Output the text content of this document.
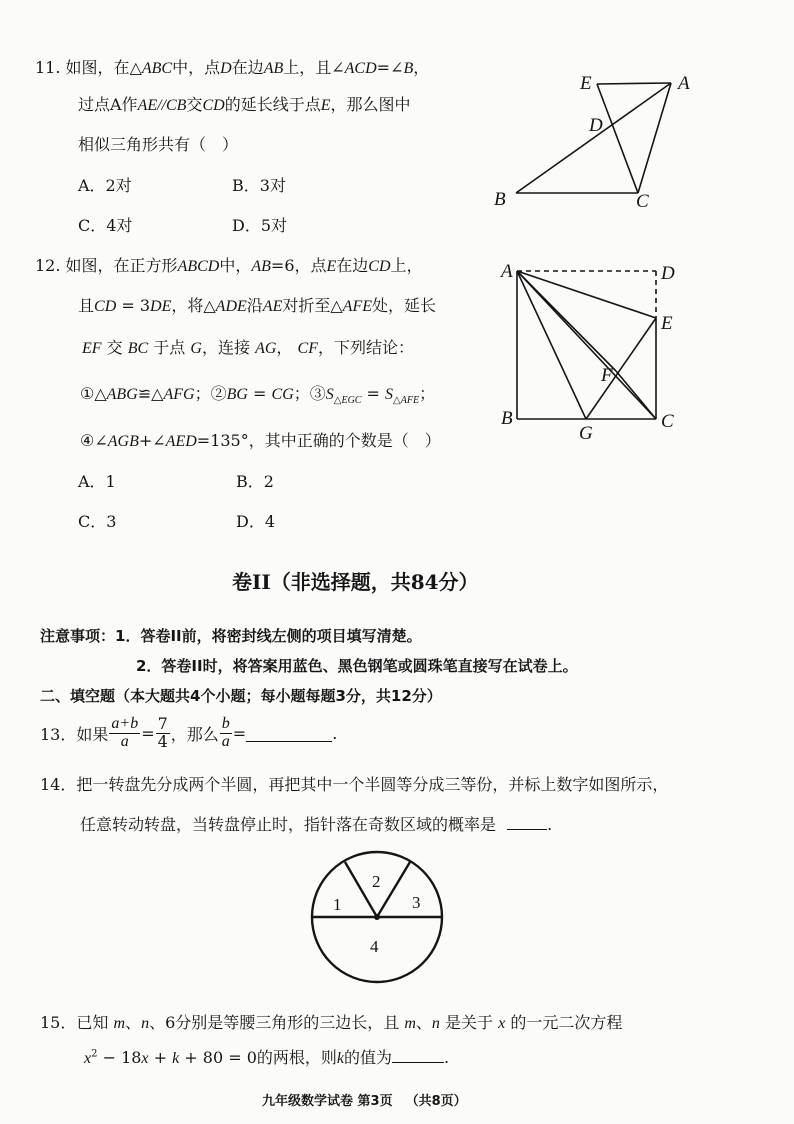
11. 如图，在△ABC中，点D在边AB上，且∠ACD=∠B，
过点A作AE//CB交CD的延长线于点E，那么图中
相似三角形共有（　）
A．2对	B．3对
C．4对	D．5对
E	A
D
B	C
12. 如图，在正方形ABCD中，AB=6，点E在边CD上，
且CD = 3DE，将△ADE沿AE对折至△AFE处，延长
EF 交 BC 于点 G，连接 AG， CF，下列结论：
①△ABG≌△AFG；②BG = CG；$③S_{\triangle EGC} = S_{\triangle AFE}$；
④∠AGB+∠AED=135°，其中正确的个数是（　）
A．1	B．2
C．3	D．4
A	D
E
F
B
G
C
卷II（非选择题，共84分）
注意事项：1．答卷II前，将密封线左侧的项目填写清楚。
2．答卷II时，将答案用蓝色、黑色钢笔或圆珠笔直接写在试卷上。
二、填空题（本大题共4个小题；每小题每题3分，共12分）
13． 如果 $\frac{a+b}{a} = \frac{7}{4}$ ，那么 $\frac{b}{a}$ =	.
14．把一转盘先分成两个半圆，再把其中一个半圆等分成三等份，并标上数字如图所示，
任意转动转盘，当转盘停止时，指针落在奇数区域的概率是	.
1
2
3
4
15．已知 m、n、6分别是等腰三角形的三边长，且 m、n 是关于 x 的一元二次方程
$x^2 - 18x + k + 80 = 0$的两根，则k的值为	.
九年级数学试卷 第3页  （共8页）
